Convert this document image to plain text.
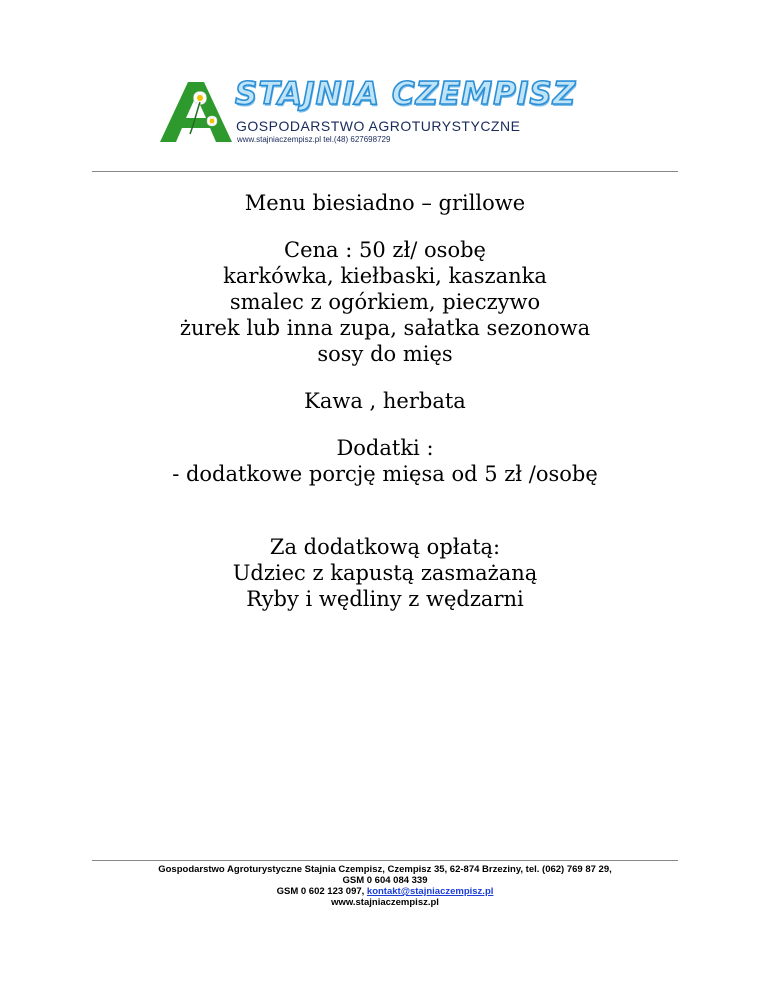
STAJNIA CZEMPISZ
GOSPODARSTWO AGROTURYSTYCZNE
www.stajniaczempisz.pl tel.(48) 627698729

Menu biesiadno – grillowe

Cena : 50 zł/ osobę

karkówka, kiełbaski, kaszanka

smalec z ogórkiem, pieczywo

żurek lub inna zupa, sałatka sezonowa

sosy do mięs

Kawa , herbata

Dodatki :

- dodatkowe porcję mięsa od 5 zł /osobę

Za dodatkową opłatą:

Udziec z kapustą zasmażaną

Ryby i wędliny z wędzarni

Gospodarstwo Agroturystyczne Stajnia Czempisz, Czempisz 35, 62-874 Brzeziny, tel. (062) 769 87 29,

GSM 0 604 084 339

GSM 0 602 123 097, kontakt@stajniaczempisz.pl

www.stajniaczempisz.pl
